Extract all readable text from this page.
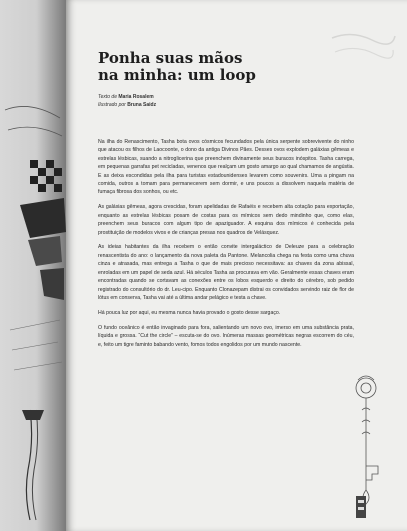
Ponha suas mãos
na minha: um loop
Texto de Maria Rosalem
Ilustrado por Bruna Saidz

Na ilha do Renascimento, Tasha bota ovos cósmicos fecundados pela única serpente sobrevivente do ninho que atacou os filhos de Laocoonte, o dono da antiga Divinos Pães. Desses ovos explodem galáxias gêmeas e estrelas lésbicas, suando a nitroglicerina que preenchem divinamente seus buracos inóspitos. Tasha carrega, em pequenas garrafas pet recicladas, venenos que realçam um gosto amargo ao qual chamamos de angústia. E as deixa escondidas pela ilha para turistas estadounidenses levarem como souvenirs. Uma a pingam na comida, outros a tomam para permanecerem sem dormir, e uns poucos a dissolvem naquela matéria de fumaça fibrosa dos sonhos, ou etc.

As galáxias gêmeas, agora crescidas, foram apelidadas de Rafaéis e recebem alta cotação para exportação, enquanto as estrelas lésbicas posam de costas para os mímicos sem dedo mindinho que, como elas, preenchem seus buracos com algum tipo de apaziguador. A esquina dos mímicos é conhecida pela prostituição de modelos vivos e de crianças presas nos quadros de Velásquez.

As ideias habitantes da ilha recebem o então convite intergaláctico de Deleuze para a celebração renascentista do ano: o lançamento da nova paleta da Pantone. Melancolia chega na festa como uma chuva cinza e atrasada, mas entrega a Tasha o que de mais precioso necessitava: as chaves da zona abissal, enroladas em um papel de seda azul. Há séculos Tasha as procurava em vão. Geralmente essas chaves eram encontradas quando se cortavam as conexões entre os lobos esquerdo e direito do cérebro, sob pedido registrado do consultório do dr. Leu-cipo. Enquanto Clonazepam distrai os convidados servindo raiz de flor de lótus em conserva, Tasha vai até a última andar pelágico e testa a chave.

Há pouca luz por aqui, eu mesma nunca havia provado o gosto desse sargaço.

O fundo oceânico é então invaginado para fora, salientando um novo ovo, imerso em uma substância prata, líquida e grossa. “Cut the circle” – escuta-se do ovo. Inúmeras massas geométricas negras escorrem do céu, e, feito um tigre faminto babando vento, fomos todos engolidos por um mundo nascente.
